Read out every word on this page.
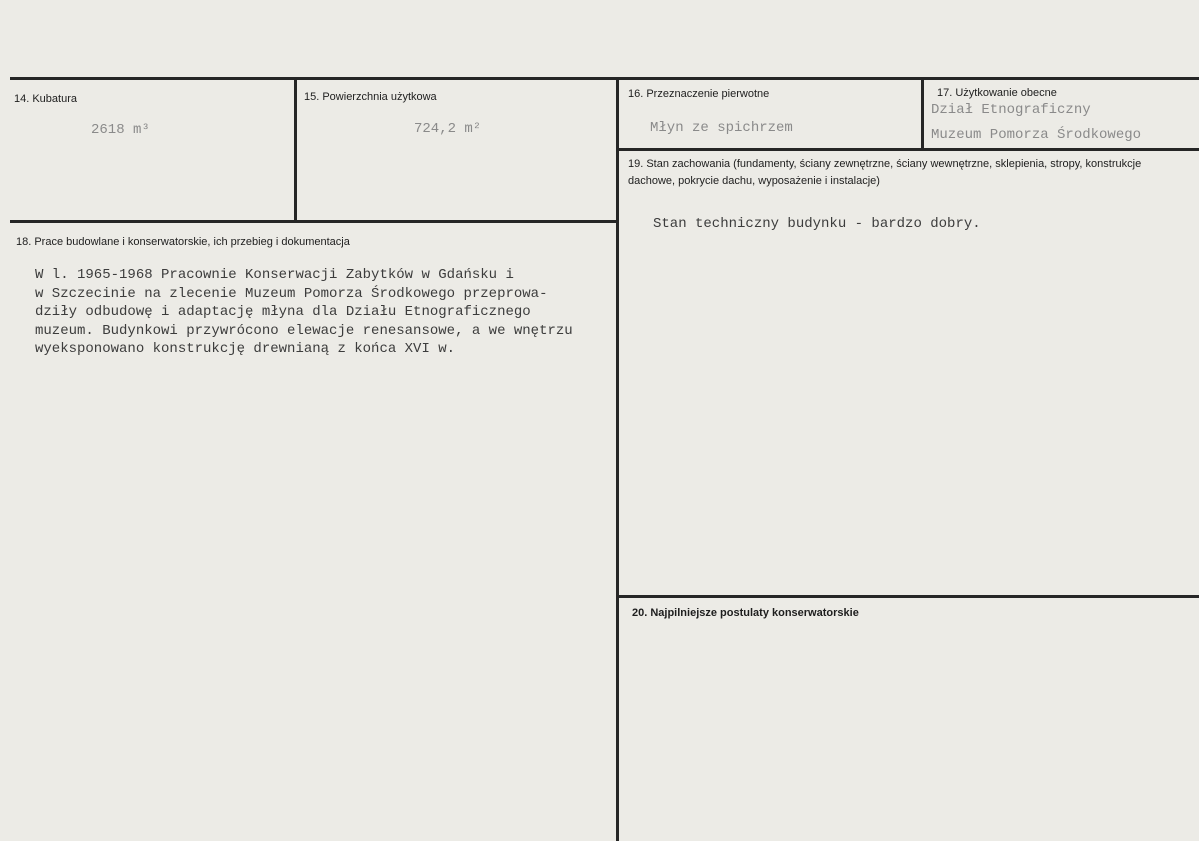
14. Kubatura
2618 m³
15. Powierzchnia użytkowa
724,2 m²
16. Przeznaczenie pierwotne
Młyn ze spichrzem
17. Użytkowanie obecne
Dział Etnograficzny
Muzeum Pomorza Środkowego
19. Stan zachowania (fundamenty, ściany zewnętrzne, ściany wewnętrzne, sklepienia, stropy, konstrukcje dachowe, pokrycie dachu, wyposażenie i instalacje)
Stan techniczny budynku - bardzo dobry.
18. Prace budowlane i konserwatorskie, ich przebieg i dokumentacja
W l. 1965-1968 Pracownie Konserwacji Zabytków w Gdańsku i
w Szczecinie na zlecenie Muzeum Pomorza Środkowego przeprowa-
dziły odbudowę i adaptację młyna dla Działu Etnograficznego
muzeum. Budynkowi przywrócono elewacje renesansowe, a we wnętrzu
wyeksponowano konstrukcję drewnianą z końca XVI w.
20. Najpilniejsze postulaty konserwatorskie
